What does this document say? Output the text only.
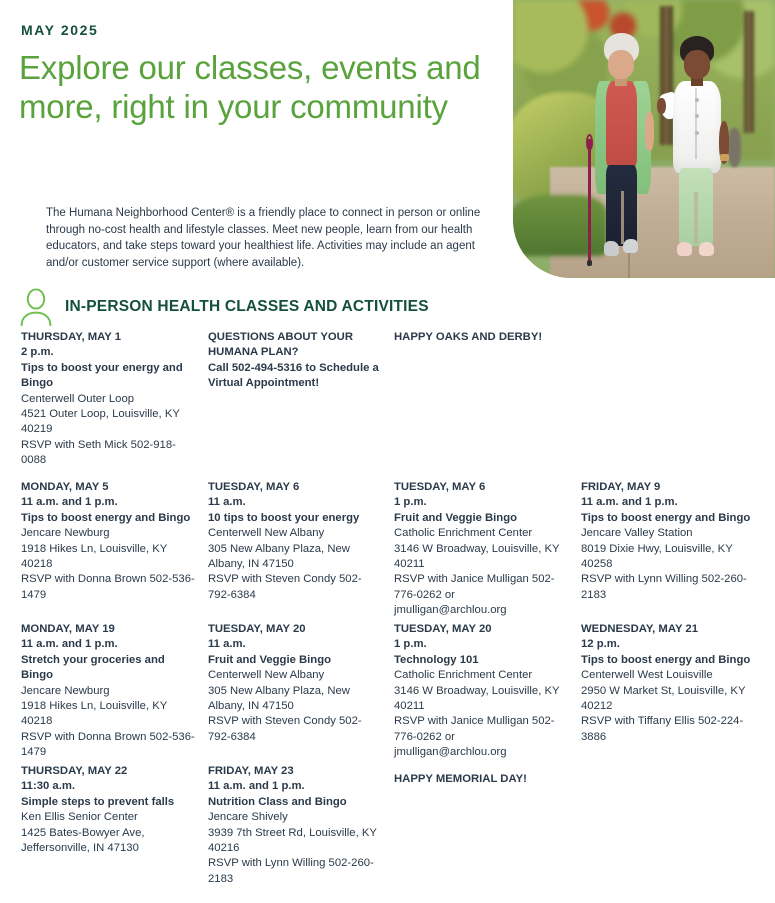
MAY 2025
Explore our classes, events and more, right in your community

The Humana Neighborhood Center® is a friendly place to connect in person or online through no-cost health and lifestyle classes. Meet new people, learn from our health educators, and take steps toward your healthiest life. Activities may include an agent and/or customer service support (where available).

IN-PERSON HEALTH CLASSES AND ACTIVITIES
THURSDAY, MAY 1
2 p.m.
Tips to boost your energy and Bingo
Centerwell Outer Loop
4521 Outer Loop, Louisville, KY 40219
RSVP with Seth Mick 502-918-0088
QUESTIONS ABOUT YOUR HUMANA PLAN?
Call 502-494-5316 to Schedule a Virtual Appointment!
HAPPY OAKS AND DERBY!
MONDAY, MAY 5
11 a.m. and 1 p.m.
Tips to boost energy and Bingo
Jencare Newburg
1918 Hikes Ln, Louisville, KY 40218
RSVP with Donna Brown 502-536-1479
TUESDAY, MAY 6
11 a.m.
10 tips to boost your energy
Centerwell New Albany
305 New Albany Plaza, New Albany, IN 47150
RSVP with Steven Condy 502-792-6384
TUESDAY, MAY 6
1 p.m.
Fruit and Veggie Bingo
Catholic Enrichment Center
3146 W Broadway, Louisville, KY 40211
RSVP with Janice Mulligan 502-776-0262 or jmulligan@archlou.org
FRIDAY, MAY 9
11 a.m. and 1 p.m.
Tips to boost energy and Bingo
Jencare Valley Station
8019 Dixie Hwy, Louisville, KY 40258
RSVP with Lynn Willing 502-260-2183
MONDAY, MAY 19
11 a.m. and 1 p.m.
Stretch your groceries and Bingo
Jencare Newburg
1918 Hikes Ln, Louisville, KY 40218
RSVP with Donna Brown 502-536-1479
TUESDAY, MAY 20
11 a.m.
Fruit and Veggie Bingo
Centerwell New Albany
305 New Albany Plaza, New Albany, IN 47150
RSVP with Steven Condy 502-792-6384
TUESDAY, MAY 20
1 p.m.
Technology 101
Catholic Enrichment Center
3146 W Broadway, Louisville, KY 40211
RSVP with Janice Mulligan 502-776-0262 or jmulligan@archlou.org
WEDNESDAY, MAY 21
12 p.m.
Tips to boost energy and Bingo
Centerwell West Louisville
2950 W Market St, Louisville, KY 40212
RSVP with Tiffany Ellis 502-224-3886
THURSDAY, MAY 22
11:30 a.m.
Simple steps to prevent falls
Ken Ellis Senior Center
1425 Bates-Bowyer Ave, Jeffersonville, IN 47130
FRIDAY, MAY 23
11 a.m. and 1 p.m.
Nutrition Class and Bingo
Jencare Shively
3939 7th Street Rd, Louisville, KY 40216
RSVP with Lynn Willing 502-260-2183
HAPPY MEMORIAL DAY!
